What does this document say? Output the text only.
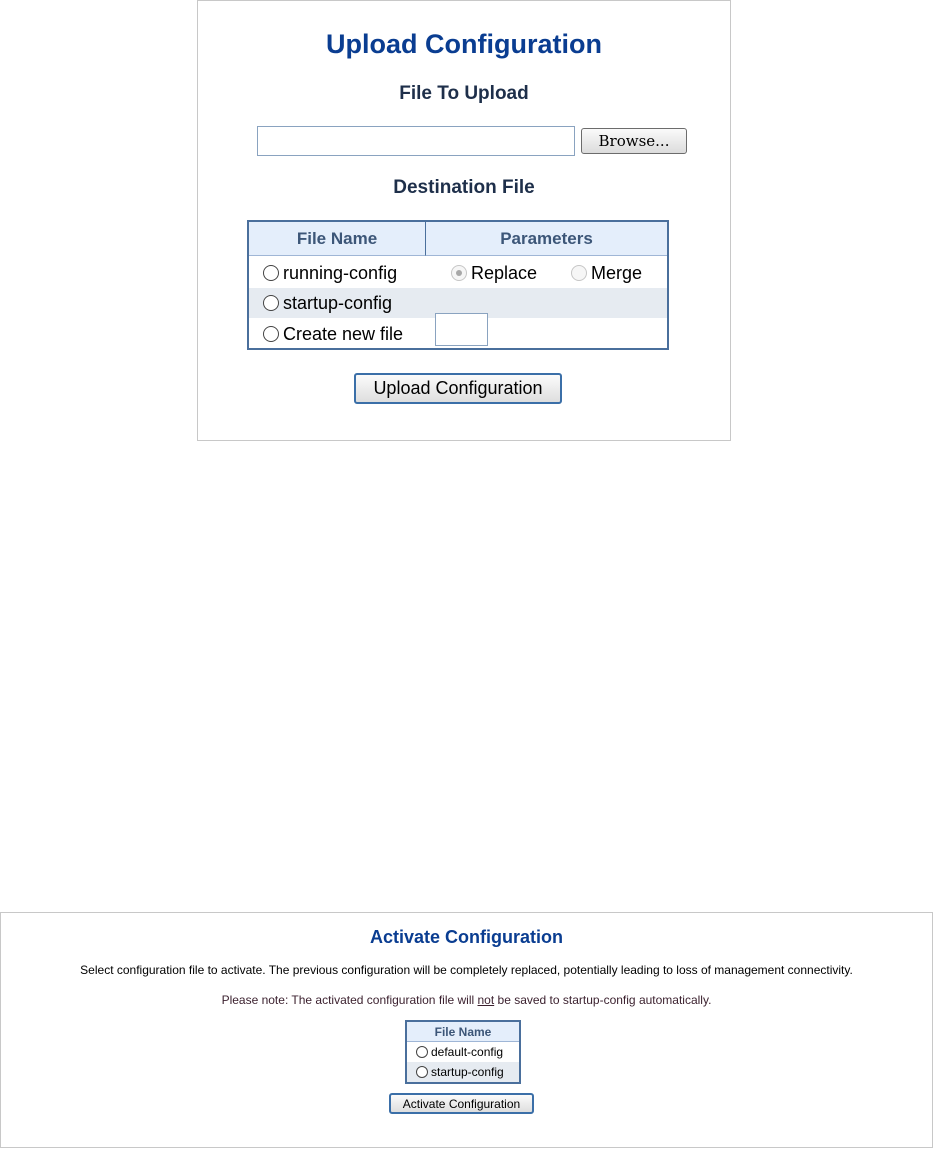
Upload Configuration
File To Upload
Browse...
Destination File
File Name	Parameters
running-config	Replace	Merge
startup-config
Create new file
Upload Configuration
Activate Configuration
Select configuration file to activate. The previous configuration will be completely replaced, potentially leading to loss of management connectivity.
Please note: The activated configuration file will not be saved to startup-config automatically.
File Name
default-config
startup-config
Activate Configuration
